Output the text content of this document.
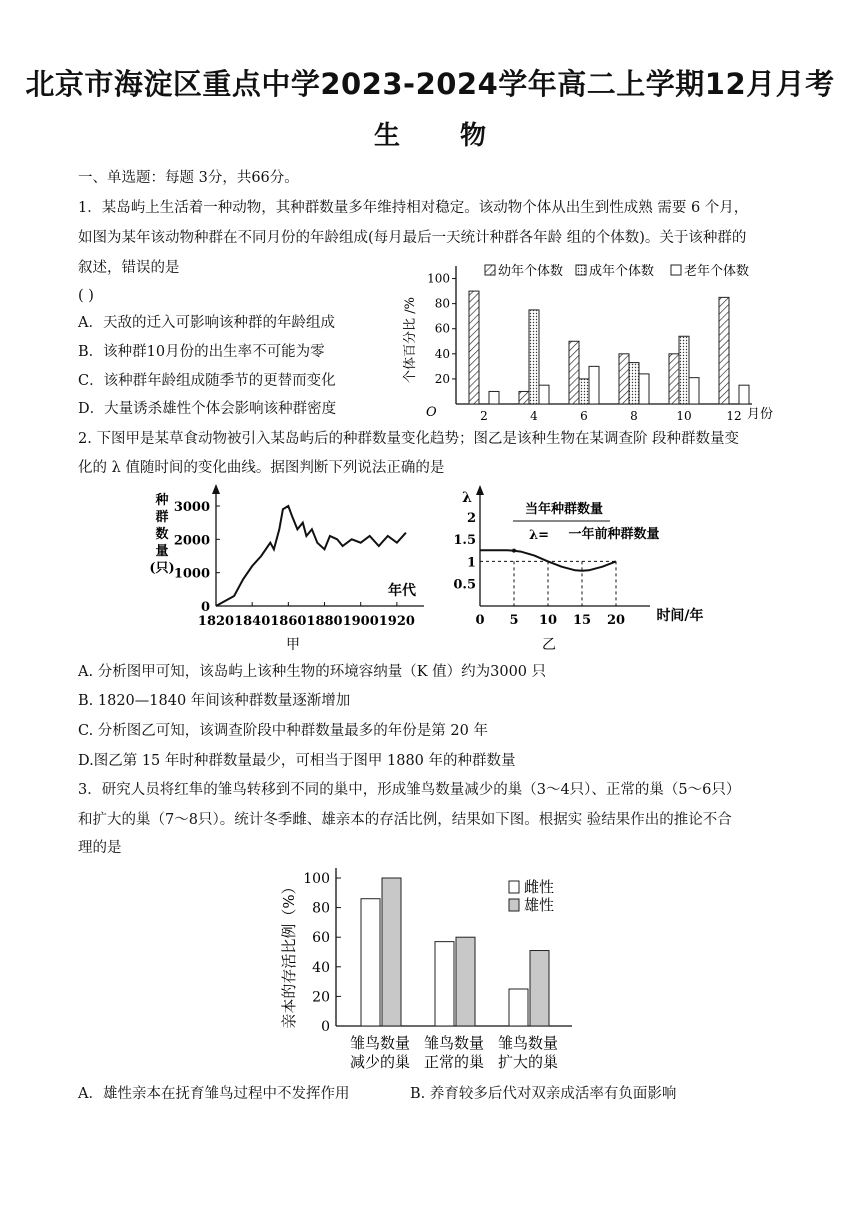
北京市海淀区重点中学2023-2024学年高二上学期12月月考
生 物
一、单选题：每题 3分，共66分。
1．某岛屿上生活着一种动物，其种群数量多年维持相对稳定。该动物个体从出生到性成熟 需要 6 个月，
如图为某年该动物种群在不同月份的年龄组成(每月最后一天统计种群各年龄 组的个体数)。关于该种群的
叙述，错误的是
( )
A．天敌的迁入可影响该种群的年龄组成
B．该种群10月份的出生率不可能为零
C．该种群年龄组成随季节的更替而变化
D．大量诱杀雄性个体会影响该种群密度
个体百分比 /%
幼年个体数 成年个体数 老年个体数
O
20
40
60
80
100
2	4	6	8	10	12 月份
2. 下图甲是某草食动物被引入某岛屿后的种群数量变化趋势；图乙是该种生物在某调查阶 段种群数量变
化的 λ 值随时间的变化曲线。据图判断下列说法正确的是
种
群
数
量
(只)
0
1000
2000
3000
1820 1840 1860 1880 1900 1920
年代
甲
λ
当年种群数量
λ= 一年前种群数量
0.5
1
1.5
2
0 5 10 15 20 时间/年
乙
A. 分析图甲可知，该岛屿上该种生物的环境容纳量（K 值）约为3000 只
B. 1820—1840 年间该种群数量逐渐增加
C. 分析图乙可知，该调查阶段中种群数量最多的年份是第 20 年
D.图乙第 15 年时种群数量最少，可相当于图甲 1880 年的种群数量
3．研究人员将红隼的雏鸟转移到不同的巢中，形成雏鸟数量减少的巢（3～4只）、正常的巢（5～6只）
和扩大的巢（7～8只）。统计冬季雌、雄亲本的存活比例，结果如下图。根据实 验结果作出的推论不合
理的是
亲本的存活比例（%） 0
20
40
60
80
100
雏鸟数量
减少的巢
雏鸟数量
正常的巢
雏鸟数量
扩大的巢
雌性
雄性
A．雄性亲本在抚育雏鸟过程中不发挥作用	B. 养育较多后代对双亲成活率有负面影响
